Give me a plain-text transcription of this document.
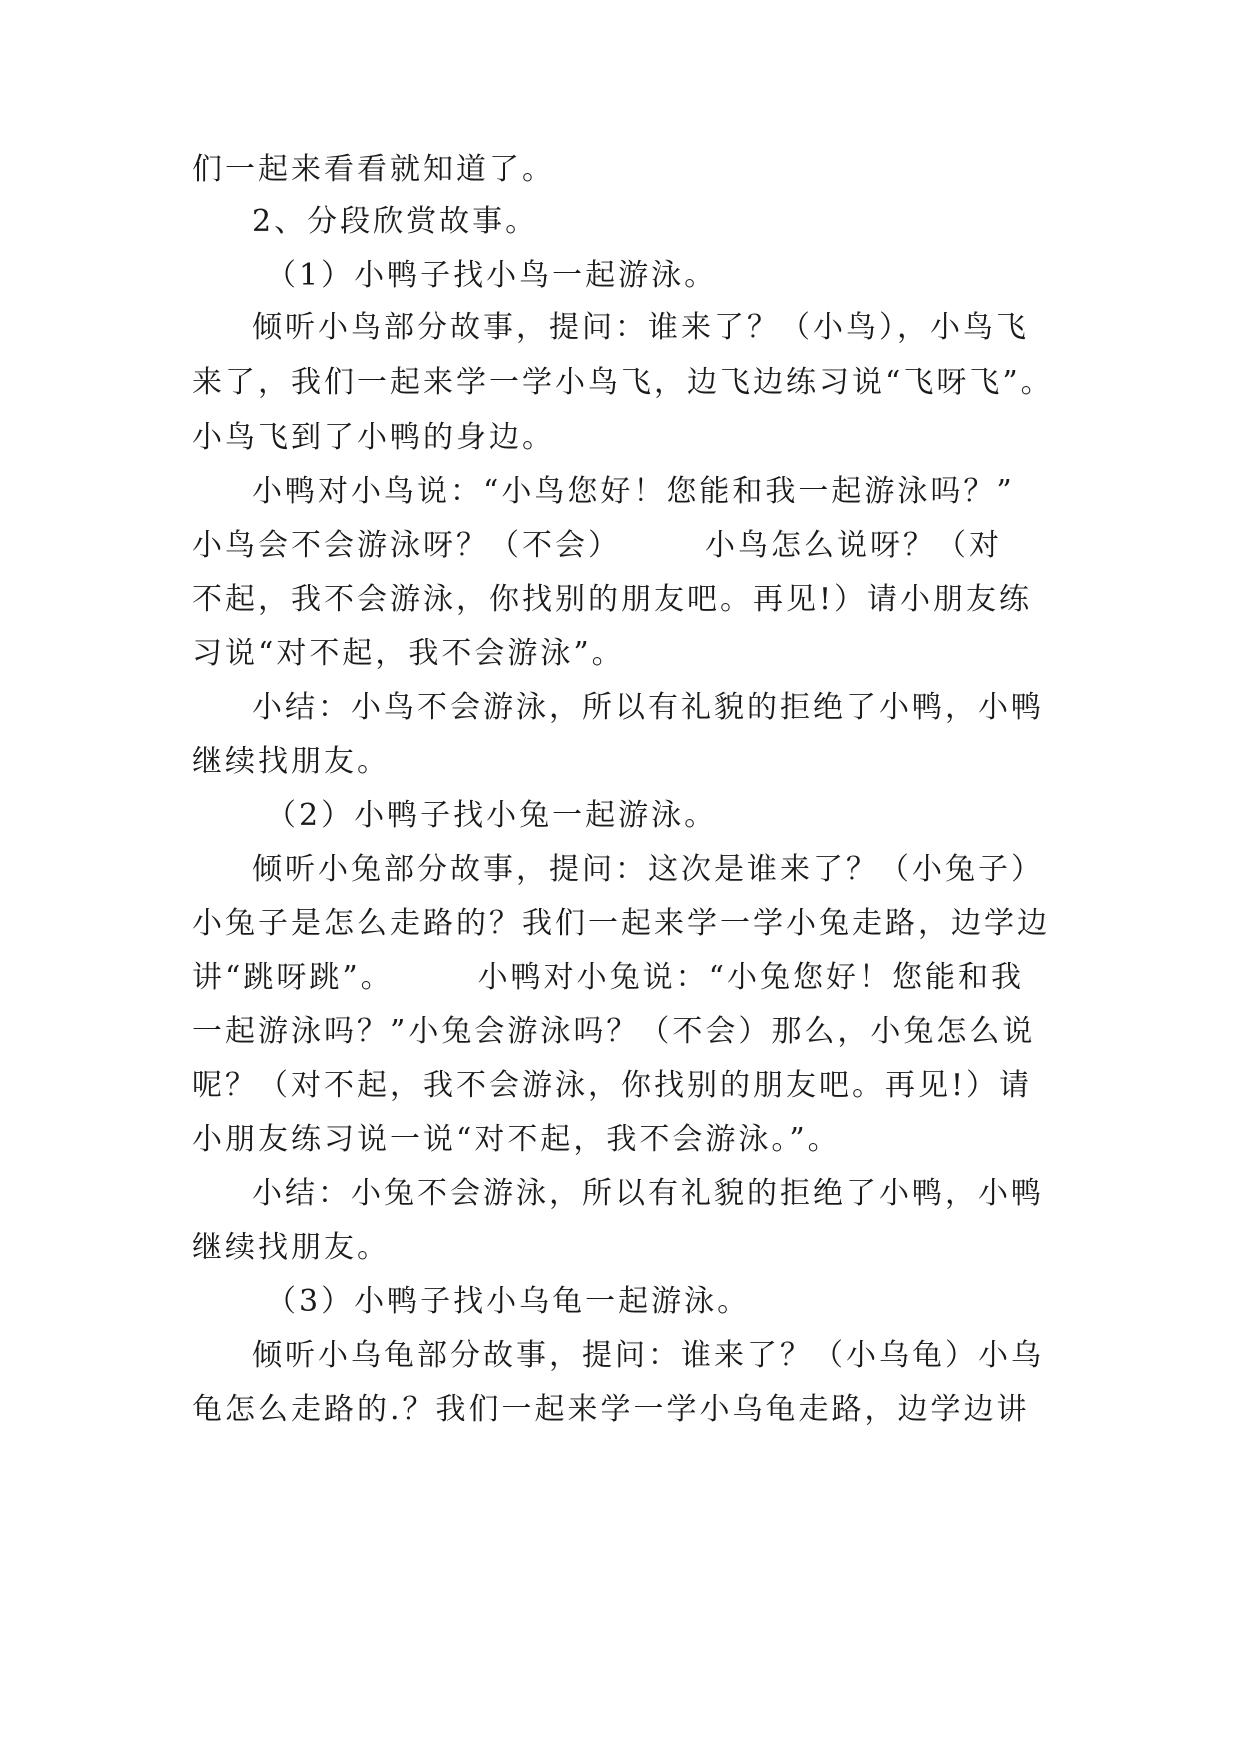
们一起来看看就知道了。
2、分段欣赏故事。
（1）小鸭子找小鸟一起游泳。
倾听小鸟部分故事，提问：谁来了？（小鸟），小鸟飞
来了，我们一起来学一学小鸟飞，边飞边练习说“飞呀飞”。
小鸟飞到了小鸭的身边。
小鸭对小鸟说：“小鸟您好！您能和我一起游泳吗？”
小鸟会不会游泳呀？（不会）　　　小鸟怎么说呀？（对
不起，我不会游泳，你找别的朋友吧。再见!）请小朋友练
习说“对不起，我不会游泳”。
小结：小鸟不会游泳，所以有礼貌的拒绝了小鸭，小鸭
继续找朋友。
（2）小鸭子找小兔一起游泳。
倾听小兔部分故事，提问：这次是谁来了？（小兔子）
小兔子是怎么走路的？我们一起来学一学小兔走路，边学边
讲“跳呀跳”。　　　小鸭对小兔说：“小兔您好！您能和我
一起游泳吗？”小兔会游泳吗？（不会）那么，小兔怎么说
呢？（对不起，我不会游泳，你找别的朋友吧。再见!）请
小朋友练习说一说“对不起，我不会游泳。”。
小结：小兔不会游泳，所以有礼貌的拒绝了小鸭，小鸭
继续找朋友。
（3）小鸭子找小乌龟一起游泳。
倾听小乌龟部分故事，提问：谁来了？（小乌龟）小乌
龟怎么走路的.？我们一起来学一学小乌龟走路，边学边讲
